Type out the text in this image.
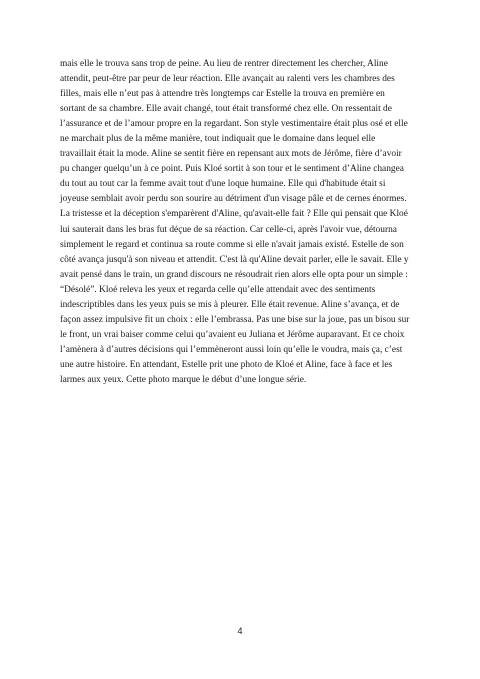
mais elle le trouva sans trop de peine. Au lieu de rentrer directement les chercher, Aline
attendit, peut-être par peur de leur réaction. Elle avançait au ralenti vers les chambres des
filles, mais elle n’eut pas à attendre très longtemps car Estelle la trouva en première en
sortant de sa chambre. Elle avait changé, tout était transformé chez elle. On ressentait de
l’assurance et de l’amour propre en la regardant. Son style vestimentaire était plus osé et elle
ne marchait plus de la même manière, tout indiquait que le domaine dans lequel elle
travaillait était la mode. Aline se sentit fière en repensant aux mots de Jérôme, fière d’avoir
pu changer quelqu’un à ce point. Puis Kloé sortit à son tour et le sentiment d’Aline changea
du tout au tout car la femme avait tout d'une loque humaine. Elle qui d'habitude était si
joyeuse semblait avoir perdu son sourire au détriment d'un visage pâle et de cernes énormes.
La tristesse et la déception s'emparèrent d'Aline, qu'avait-elle fait ? Elle qui pensait que Kloé
lui sauterait dans les bras fut déçue de sa réaction. Car celle-ci, après l'avoir vue, détourna
simplement le regard et continua sa route comme si elle n'avait jamais existé. Estelle de son
côté avança jusqu'à son niveau et attendit. C'est là qu'Aline devait parler, elle le savait. Elle y
avait pensé dans le train, un grand discours ne résoudrait rien alors elle opta pour un simple :
“Désolé”. Kloé releva les yeux et regarda celle qu’elle attendait avec des sentiments
indescriptibles dans les yeux puis se mis à pleurer. Elle était revenue. Aline s’avança, et de
façon assez impulsive fit un choix : elle l’embrassa. Pas une bise sur la joue, pas un bisou sur
le front, un vrai baiser comme celui qu’avaient eu Juliana et Jérôme auparavant. Et ce choix
l’amènera à d’autres décisions qui l’emmèneront aussi loin qu’elle le voudra, mais ça, c’est
une autre histoire. En attendant, Estelle prit une photo de Kloé et Aline, face à face et les
larmes aux yeux. Cette photo marque le début d’une longue série.
4
